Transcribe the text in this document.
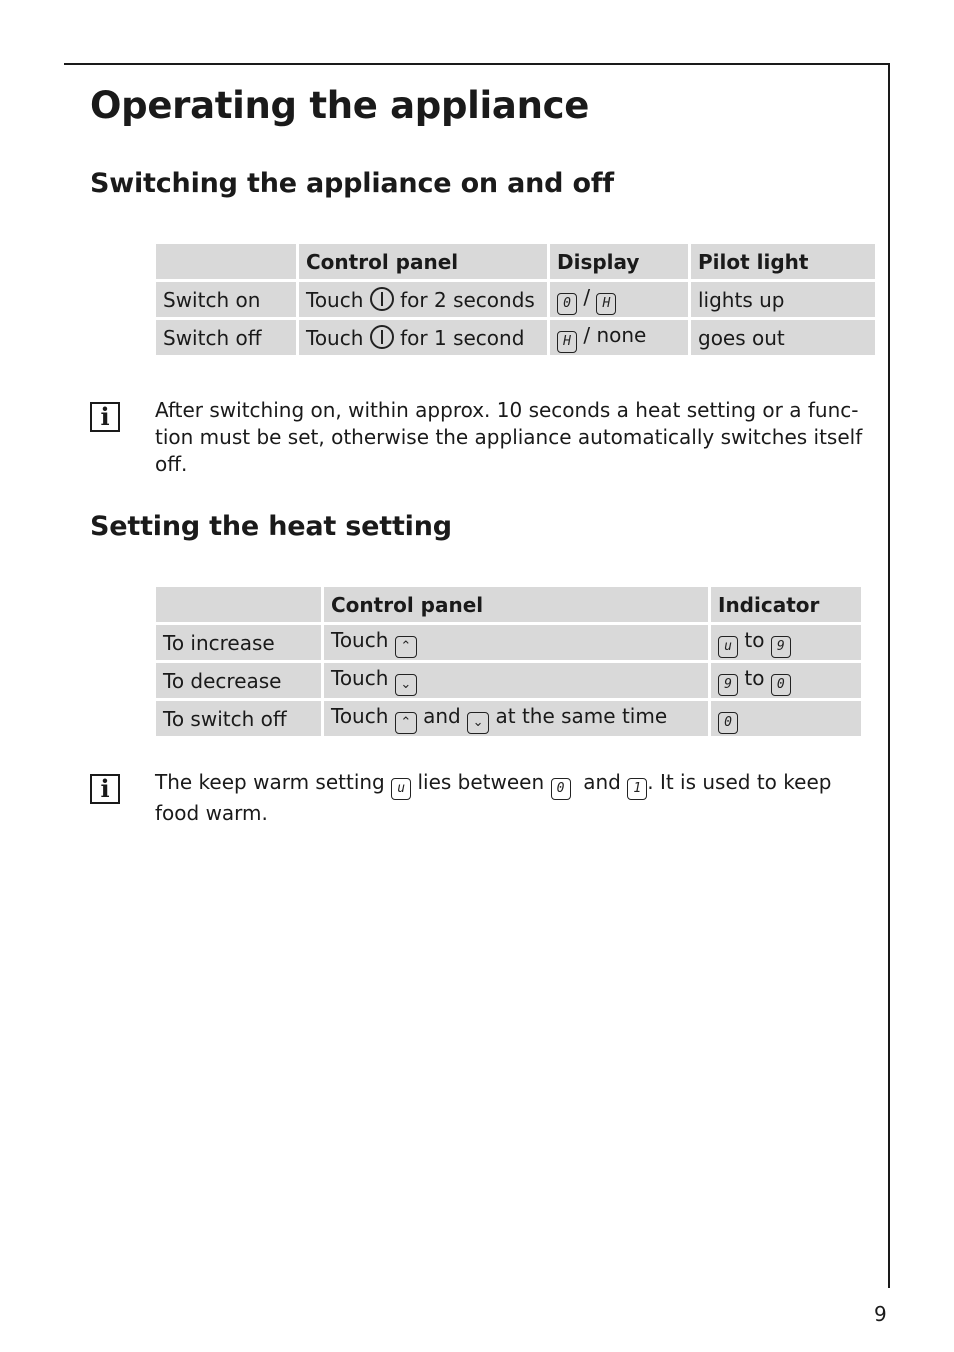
Operating the appliance
Switching the appliance on and off
	Control panel	Display	Pilot light
Switch on	Touch for 2 seconds	0 / H	lights up
Switch off	Touch for 1 second	H / none	goes out
i	After switching on, within approx. 10 seconds a heat setting or a func-tion must be set, otherwise the appliance automatically switches itself off.

Setting the heat setting
	Control panel	Indicator
To increase	Touch ⌃	u to 9
To decrease	Touch ⌄	9 to 0
To switch off	Touch ⌃ and ⌄ at the same time	0
i	The keep warm setting u lies between 0 and 1 . It is used to keep food warm.

9
